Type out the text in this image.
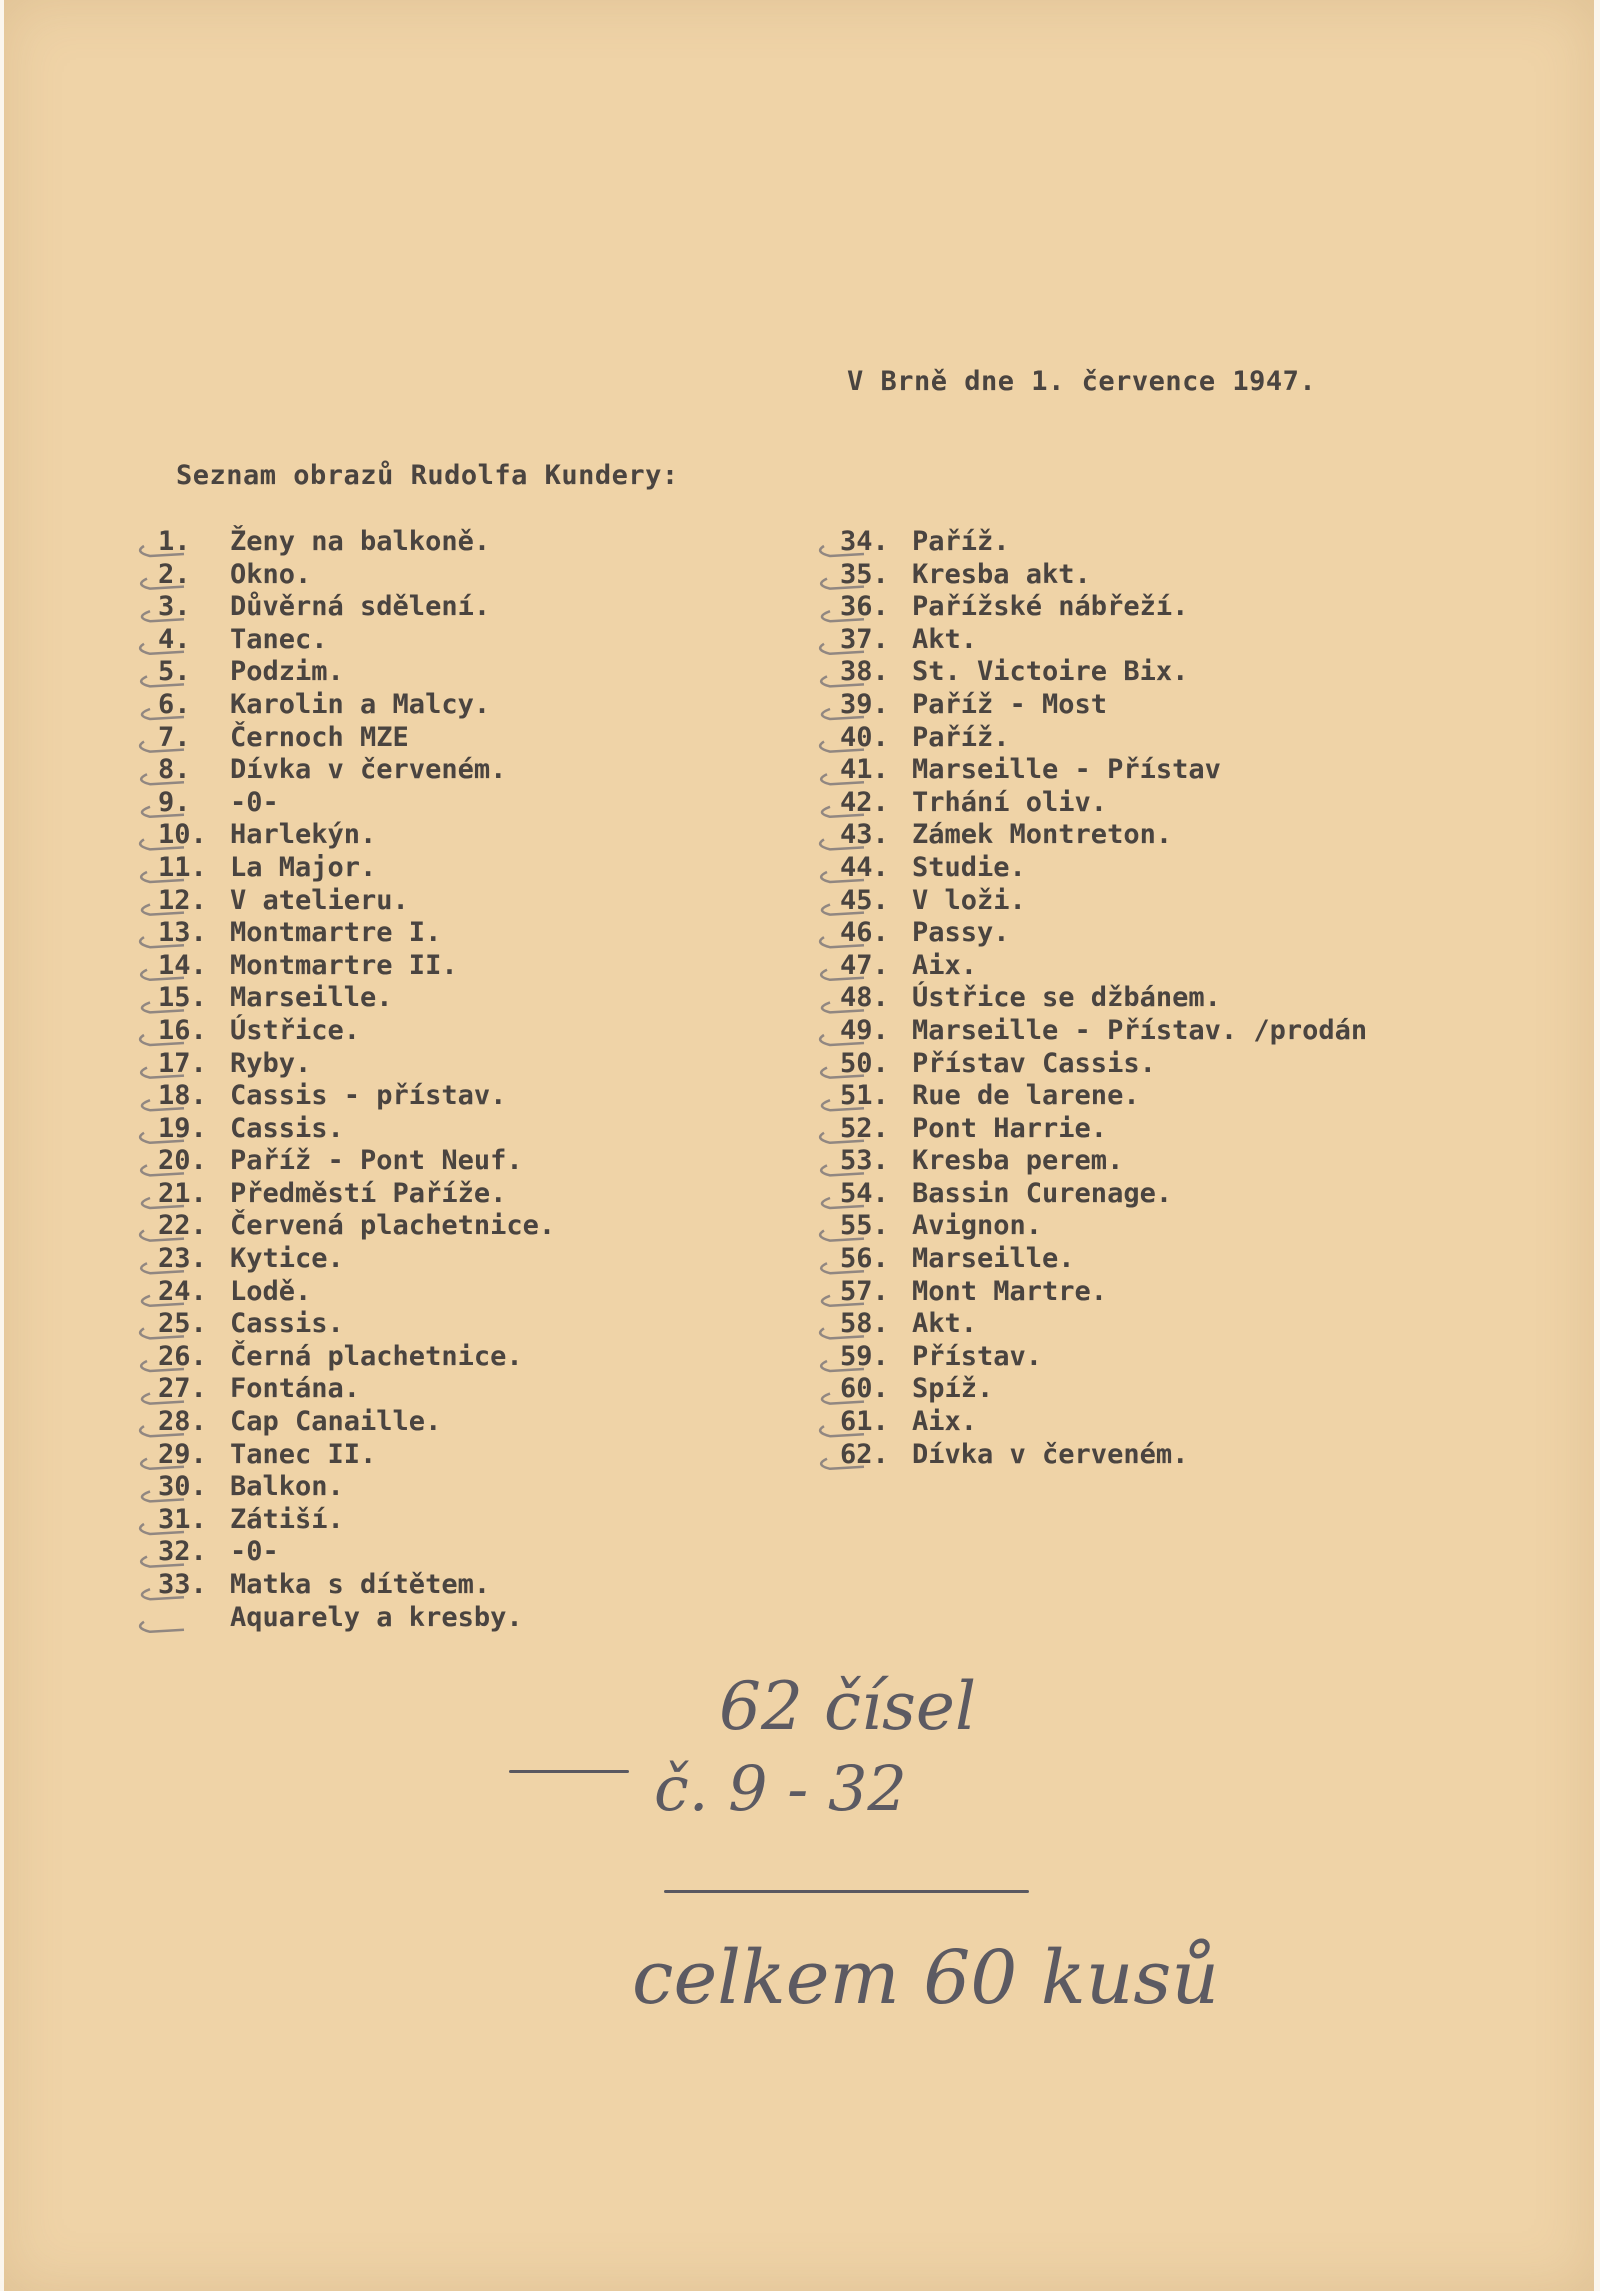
V Brně dne 1. července 1947.
Seznam obrazů Rudolfa Kundery:
1. Ženy na balkoně.
2. Okno.
3. Důvěrná sdělení.
4. Tanec.
5. Podzim.
6. Karolin a Malcy.
7. Černoch MZE
8. Dívka v červeném.
9. -0-
10. Harlekýn.
11. La Major.
12. V atelieru.
13. Montmartre I.
14. Montmartre II.
15. Marseille.
16. Ústřice.
17. Ryby.
18. Cassis - přístav.
19. Cassis.
20. Paříž - Pont Neuf.
21. Předměstí Paříže.
22. Červená plachetnice.
23. Kytice.
24. Lodě.
25. Cassis.
26. Černá plachetnice.
27. Fontána.
28. Cap Canaille.
29. Tanec II.
30. Balkon.
31. Zátiší.
32. -0-
33. Matka s dítětem.
Aquarely a kresby.
34. Paříž.
35. Kresba akt.
36. Pařížské nábřeží.
37. Akt.
38. St. Victoire Bix.
39. Paříž - Most
40. Paříž.
41. Marseille - Přístav
42. Trhání oliv.
43. Zámek Montreton.
44. Studie.
45. V loži.
46. Passy.
47. Aix.
48. Ústřice se džbánem.
49. Marseille - Přístav. /prodán
50. Přístav Cassis.
51. Rue de larene.
52. Pont Harrie.
53. Kresba perem.
54. Bassin Curenage.
55. Avignon.
56. Marseille.
57. Mont Martre.
58. Akt.
59. Přístav.
60. Spíž.
61. Aix.
62. Dívka v červeném.
62 čísel
č. 9 - 32
celkem 60 kusů
